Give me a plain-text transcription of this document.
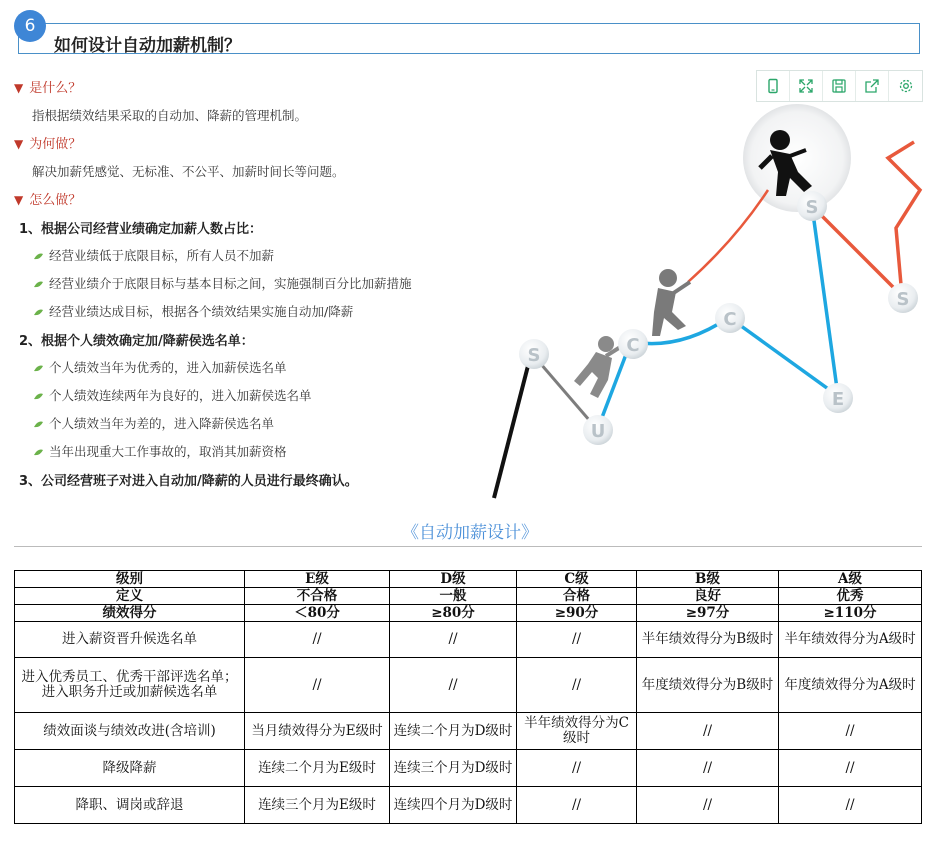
6
如何设计自动加薪机制？
▼ 是什么？
指根据绩效结果采取的自动加、降薪的管理机制。
▼ 为何做？
解决加薪凭感觉、无标准、不公平、加薪时间长等问题。
▼ 怎么做？
1、根据公司经营业绩确定加薪人数占比：
经营业绩低于底限目标，所有人员不加薪
经营业绩介于底限目标与基本目标之间，实施强制百分比加薪措施
经营业绩达成目标，根据各个绩效结果实施自动加/降薪
2、根据个人绩效确定加/降薪侯选名单：
个人绩效当年为优秀的，进入加薪侯选名单
个人绩效连续两年为良好的，进入加薪侯选名单
个人绩效当年为差的，进入降薪侯选名单
当年出现重大工作事故的，取消其加薪资格
3、公司经营班子对进入自动加/降薪的人员进行最终确认。
S
U
C
C
E
S
S
《自动加薪设计》
级别	E级	D级	C级	B级	A级
定义	不合格	一般	合格	良好	优秀
绩效得分	＜80分	≥80分	≥90分	≥97分	≥110分
进入薪资晋升候选名单	//	//	//	半年绩效得分为B级时	半年绩效得分为A级时
进入优秀员工、优秀干部评选名单；进入职务升迁或加薪候选名单	//	//	//	年度绩效得分为B级时	年度绩效得分为A级时
绩效面谈与绩效改进(含培训)	当月绩效得分为E级时	连续二个月为D级时	半年绩效得分为C级时	//	//
降级降薪	连续二个月为E级时	连续三个月为D级时	//	//	//
降职、调岗或辞退	连续三个月为E级时	连续四个月为D级时	//	//	//
